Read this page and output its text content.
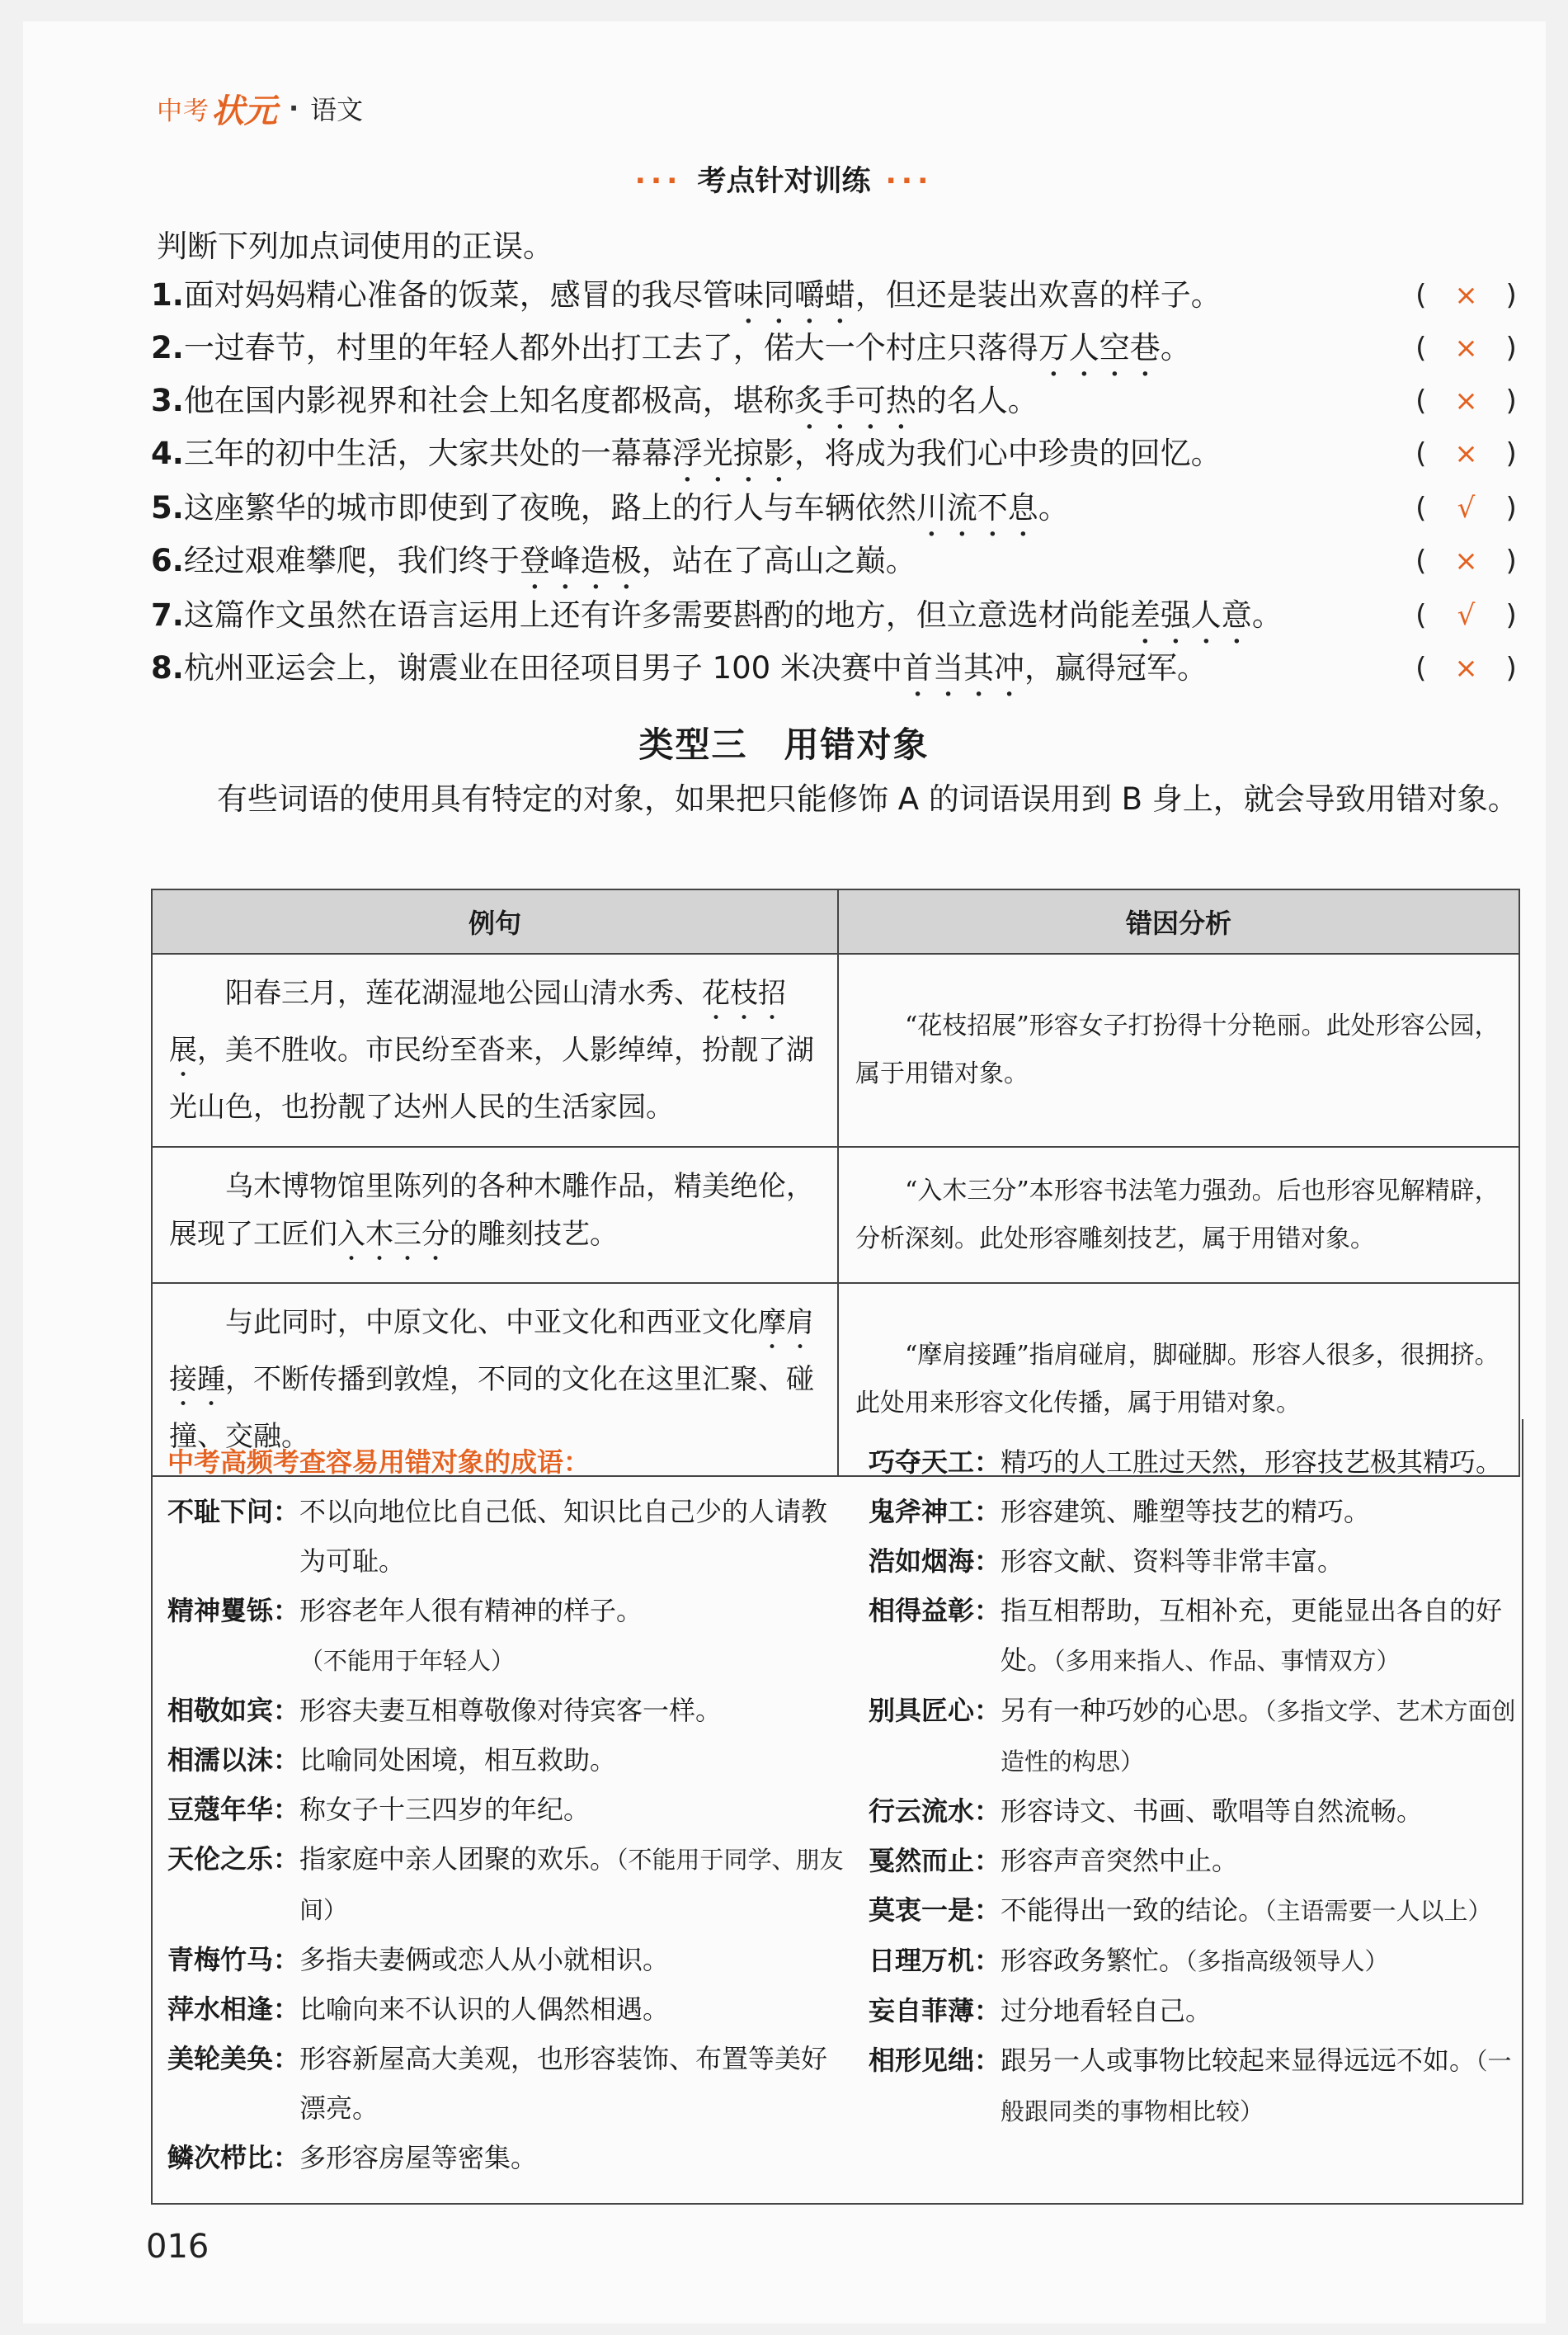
中考 状元 · 语文
··· 考点针对训练 ···
判断下列加点词使用的正误。
1.面对妈妈精心准备的饭菜，感冒的我尽管味同嚼蜡，但还是装出欢喜的样子。	( × )
2.一过春节，村里的年轻人都外出打工去了，偌大一个村庄只落得万人空巷。	( × )
3.他在国内影视界和社会上知名度都极高，堪称炙手可热的名人。	( × )
4.三年的初中生活，大家共处的一幕幕浮光掠影，将成为我们心中珍贵的回忆。	( × )
5.这座繁华的城市即使到了夜晚，路上的行人与车辆依然川流不息。	( √ )
6.经过艰难攀爬，我们终于登峰造极，站在了高山之巅。	( × )
7.这篇作文虽然在语言运用上还有许多需要斟酌的地方，但立意选材尚能差强人意。	( √ )
8.杭州亚运会上，谢震业在田径项目男子 100 米决赛中首当其冲，赢得冠军。	( × )
类型三　用错对象
有些词语的使用具有特定的对象，如果把只能修饰 A 的词语误用到 B 身上，就会导致用错对象。
例句	错因分析
阳春三月，莲花湖湿地公园山清水秀、花枝招展，美不胜收。市民纷至沓来，人影绰绰，扮靓了湖光山色，也扮靓了达州人民的生活家园。	“花枝招展”形容女子打扮得十分艳丽。此处形容公园，属于用错对象。
乌木博物馆里陈列的各种木雕作品，精美绝伦，展现了工匠们入木三分的雕刻技艺。	“入木三分”本形容书法笔力强劲。后也形容见解精辟，分析深刻。此处形容雕刻技艺，属于用错对象。
与此同时，中原文化、中亚文化和西亚文化摩肩接踵，不断传播到敦煌，不同的文化在这里汇聚、碰撞、交融。	“摩肩接踵”指肩碰肩，脚碰脚。形容人很多，很拥挤。此处用来形容文化传播，属于用错对象。
中考高频考查容易用错对象的成语：
不耻下问： 不以向地位比自己低、知识比自己少的人请教为可耻。
精神矍铄： 形容老年人很有精神的样子。（不能用于年轻人）
相敬如宾： 形容夫妻互相尊敬像对待宾客一样。
相濡以沫： 比喻同处困境，相互救助。
豆蔻年华： 称女子十三四岁的年纪。
天伦之乐： 指家庭中亲人团聚的欢乐。（不能用于同学、朋友间）
青梅竹马： 多指夫妻俩或恋人从小就相识。
萍水相逢： 比喻向来不认识的人偶然相遇。
美轮美奂： 形容新屋高大美观，也形容装饰、布置等美好漂亮。
鳞次栉比： 多形容房屋等密集。
巧夺天工： 精巧的人工胜过天然，形容技艺极其精巧。
鬼斧神工： 形容建筑、雕塑等技艺的精巧。
浩如烟海： 形容文献、资料等非常丰富。
相得益彰： 指互相帮助，互相补充，更能显出各自的好处。（多用来指人、作品、事情双方）
别具匠心： 另有一种巧妙的心思。（多指文学、艺术方面创造性的构思）
行云流水： 形容诗文、书画、歌唱等自然流畅。
戛然而止： 形容声音突然中止。
莫衷一是： 不能得出一致的结论。（主语需要一人以上）
日理万机： 形容政务繁忙。（多指高级领导人）
妄自菲薄： 过分地看轻自己。
相形见绌： 跟另一人或事物比较起来显得远远不如。（一般跟同类的事物相比较）
016
